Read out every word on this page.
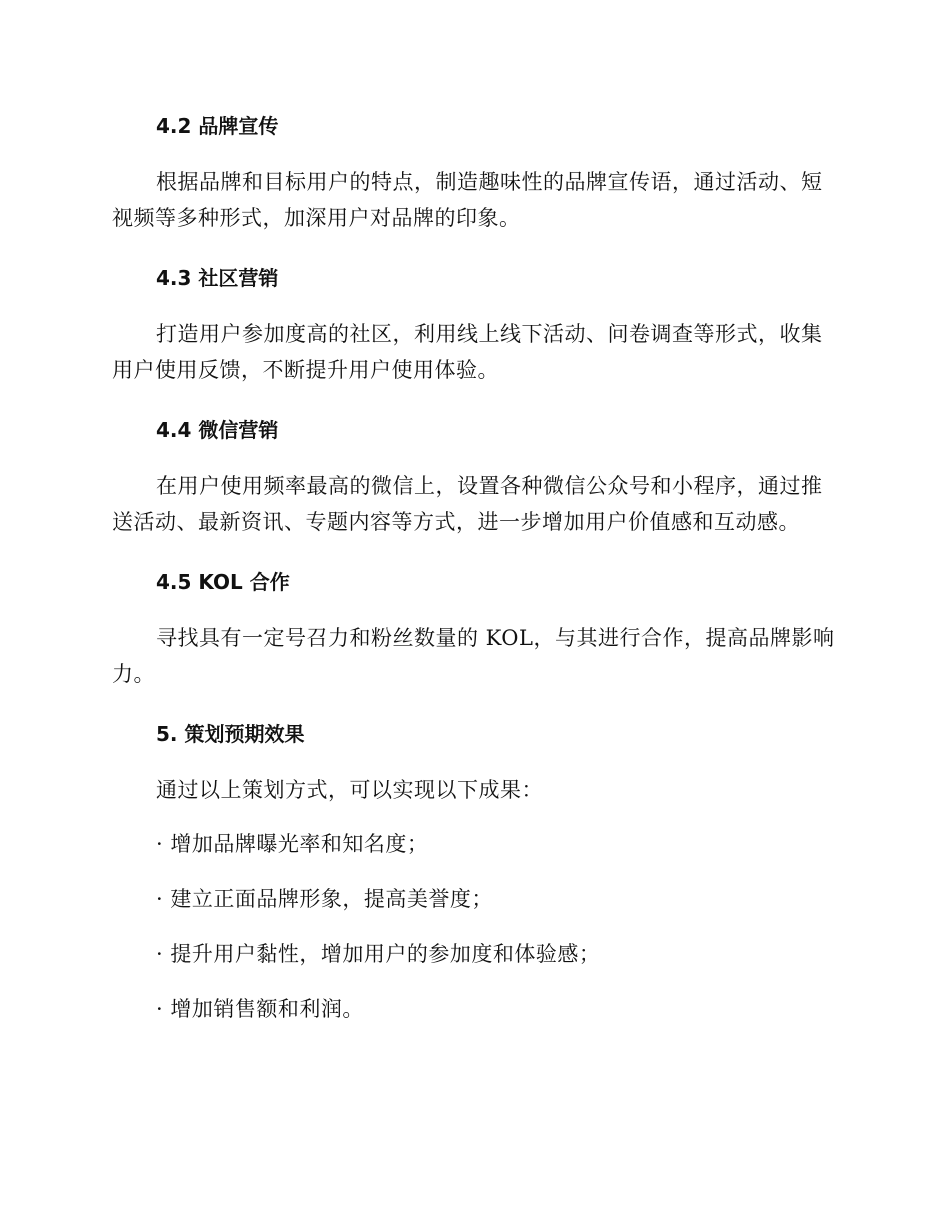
4.2 品牌宣传

根据品牌和目标用户的特点，制造趣味性的品牌宣传语，通过活动、短视频等多种形式，加深用户对品牌的印象。

4.3 社区营销

打造用户参加度高的社区，利用线上线下活动、问卷调查等形式，收集用户使用反馈，不断提升用户使用体验。

4.4 微信营销

在用户使用频率最高的微信上，设置各种微信公众号和小程序，通过推送活动、最新资讯、专题内容等方式，进一步增加用户价值感和互动感。

4.5 KOL 合作

寻找具有一定号召力和粉丝数量的 KOL，与其进行合作，提高品牌影响力。

5. 策划预期效果

通过以上策划方式，可以实现以下成果：

· 增加品牌曝光率和知名度；
· 建立正面品牌形象，提高美誉度；
· 提升用户黏性，增加用户的参加度和体验感；
· 增加销售额和利润。
